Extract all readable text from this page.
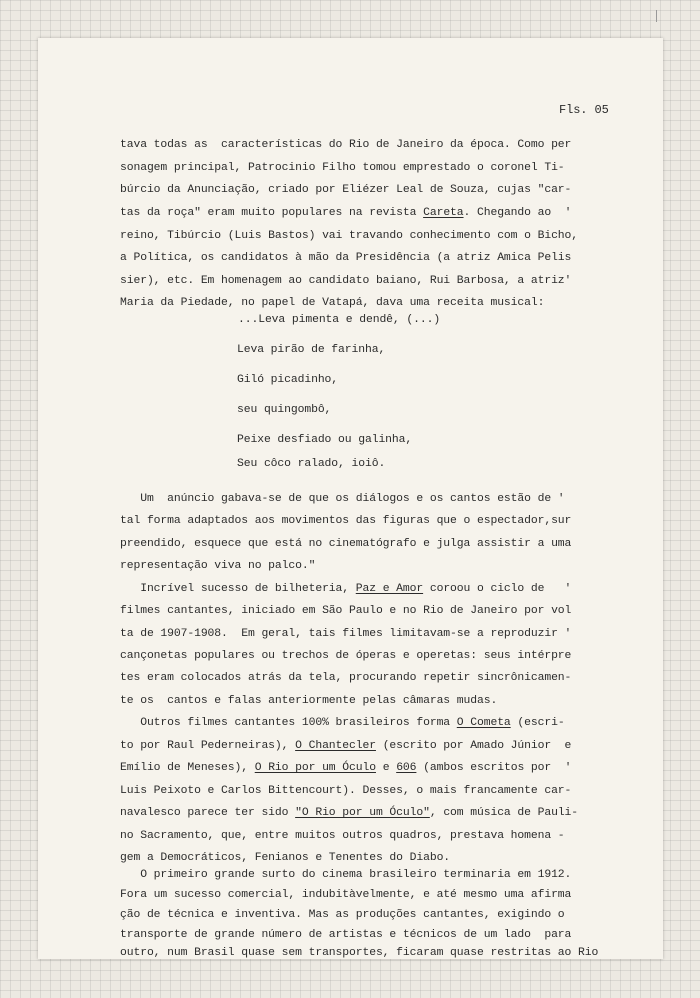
Fls. 05
tava todas as  características do Rio de Janeiro da época. Como per
sonagem principal, Patrocinio Filho tomou emprestado o coronel Ti-
búrcio da Anunciação, criado por Eliézer Leal de Souza, cujas "car-
tas da roça" eram muito populares na revista Careta. Chegando ao  '
reino, Tibúrcio (Luis Bastos) vai travando conhecimento com o Bicho,
a Política, os candidatos à mão da Presidência (a atriz Amica Pelis
sier), etc. Em homenagem ao candidato baiano, Rui Barbosa, a atriz'
Maria da Piedade, no papel de Vatapá, dava uma receita musical:
...Leva pimenta e dendê, (...)
Leva pirão de farinha,
Giló picadinho,
seu quingombô,
Peixe desfiado ou galinha,
Seu côco ralado, ioiô.
Um  anúncio gabava-se de que os diálogos e os cantos estão de '
tal forma adaptados aos movimentos das figuras que o espectador,sur
preendido, esquece que está no cinematógrafo e julga assistir a uma
representação viva no palco."
Incrível sucesso de bilheteria, Paz e Amor coroou o ciclo de   '
filmes cantantes, iniciado em São Paulo e no Rio de Janeiro por vol
ta de 1907-1908.  Em geral, tais filmes limitavam-se a reproduzir '
cançonetas populares ou trechos de óperas e operetas: seus intérpre
tes eram colocados atrás da tela, procurando repetir sincrônicamen-
te os  cantos e falas anteriormente pelas câmaras mudas.
Outros filmes cantantes 100% brasileiros forma O Cometa (escri-
to por Raul Pederneiras), O Chantecler (escrito por Amado Júnior  e
Emílio de Meneses), O Rio por um Óculo e 606 (ambos escritos por  '
Luis Peixoto e Carlos Bittencourt). Desses, o mais francamente car-
navalesco parece ter sido "O Rio por um Óculo", com música de Pauli-
no Sacramento, que, entre muitos outros quadros, prestava homena -
gem a Democráticos, Fenianos e Tenentes do Diabo.
O primeiro grande surto do cinema brasileiro terminaria em 1912.
Fora um sucesso comercial, indubitàvelmente, e até mesmo uma afirma
ção de técnica e inventiva. Mas as produções cantantes, exigindo o
transporte de grande número de artistas e técnicos de um lado  para
outro, num Brasil quase sem transportes, ficaram quase restritas ao Rio
